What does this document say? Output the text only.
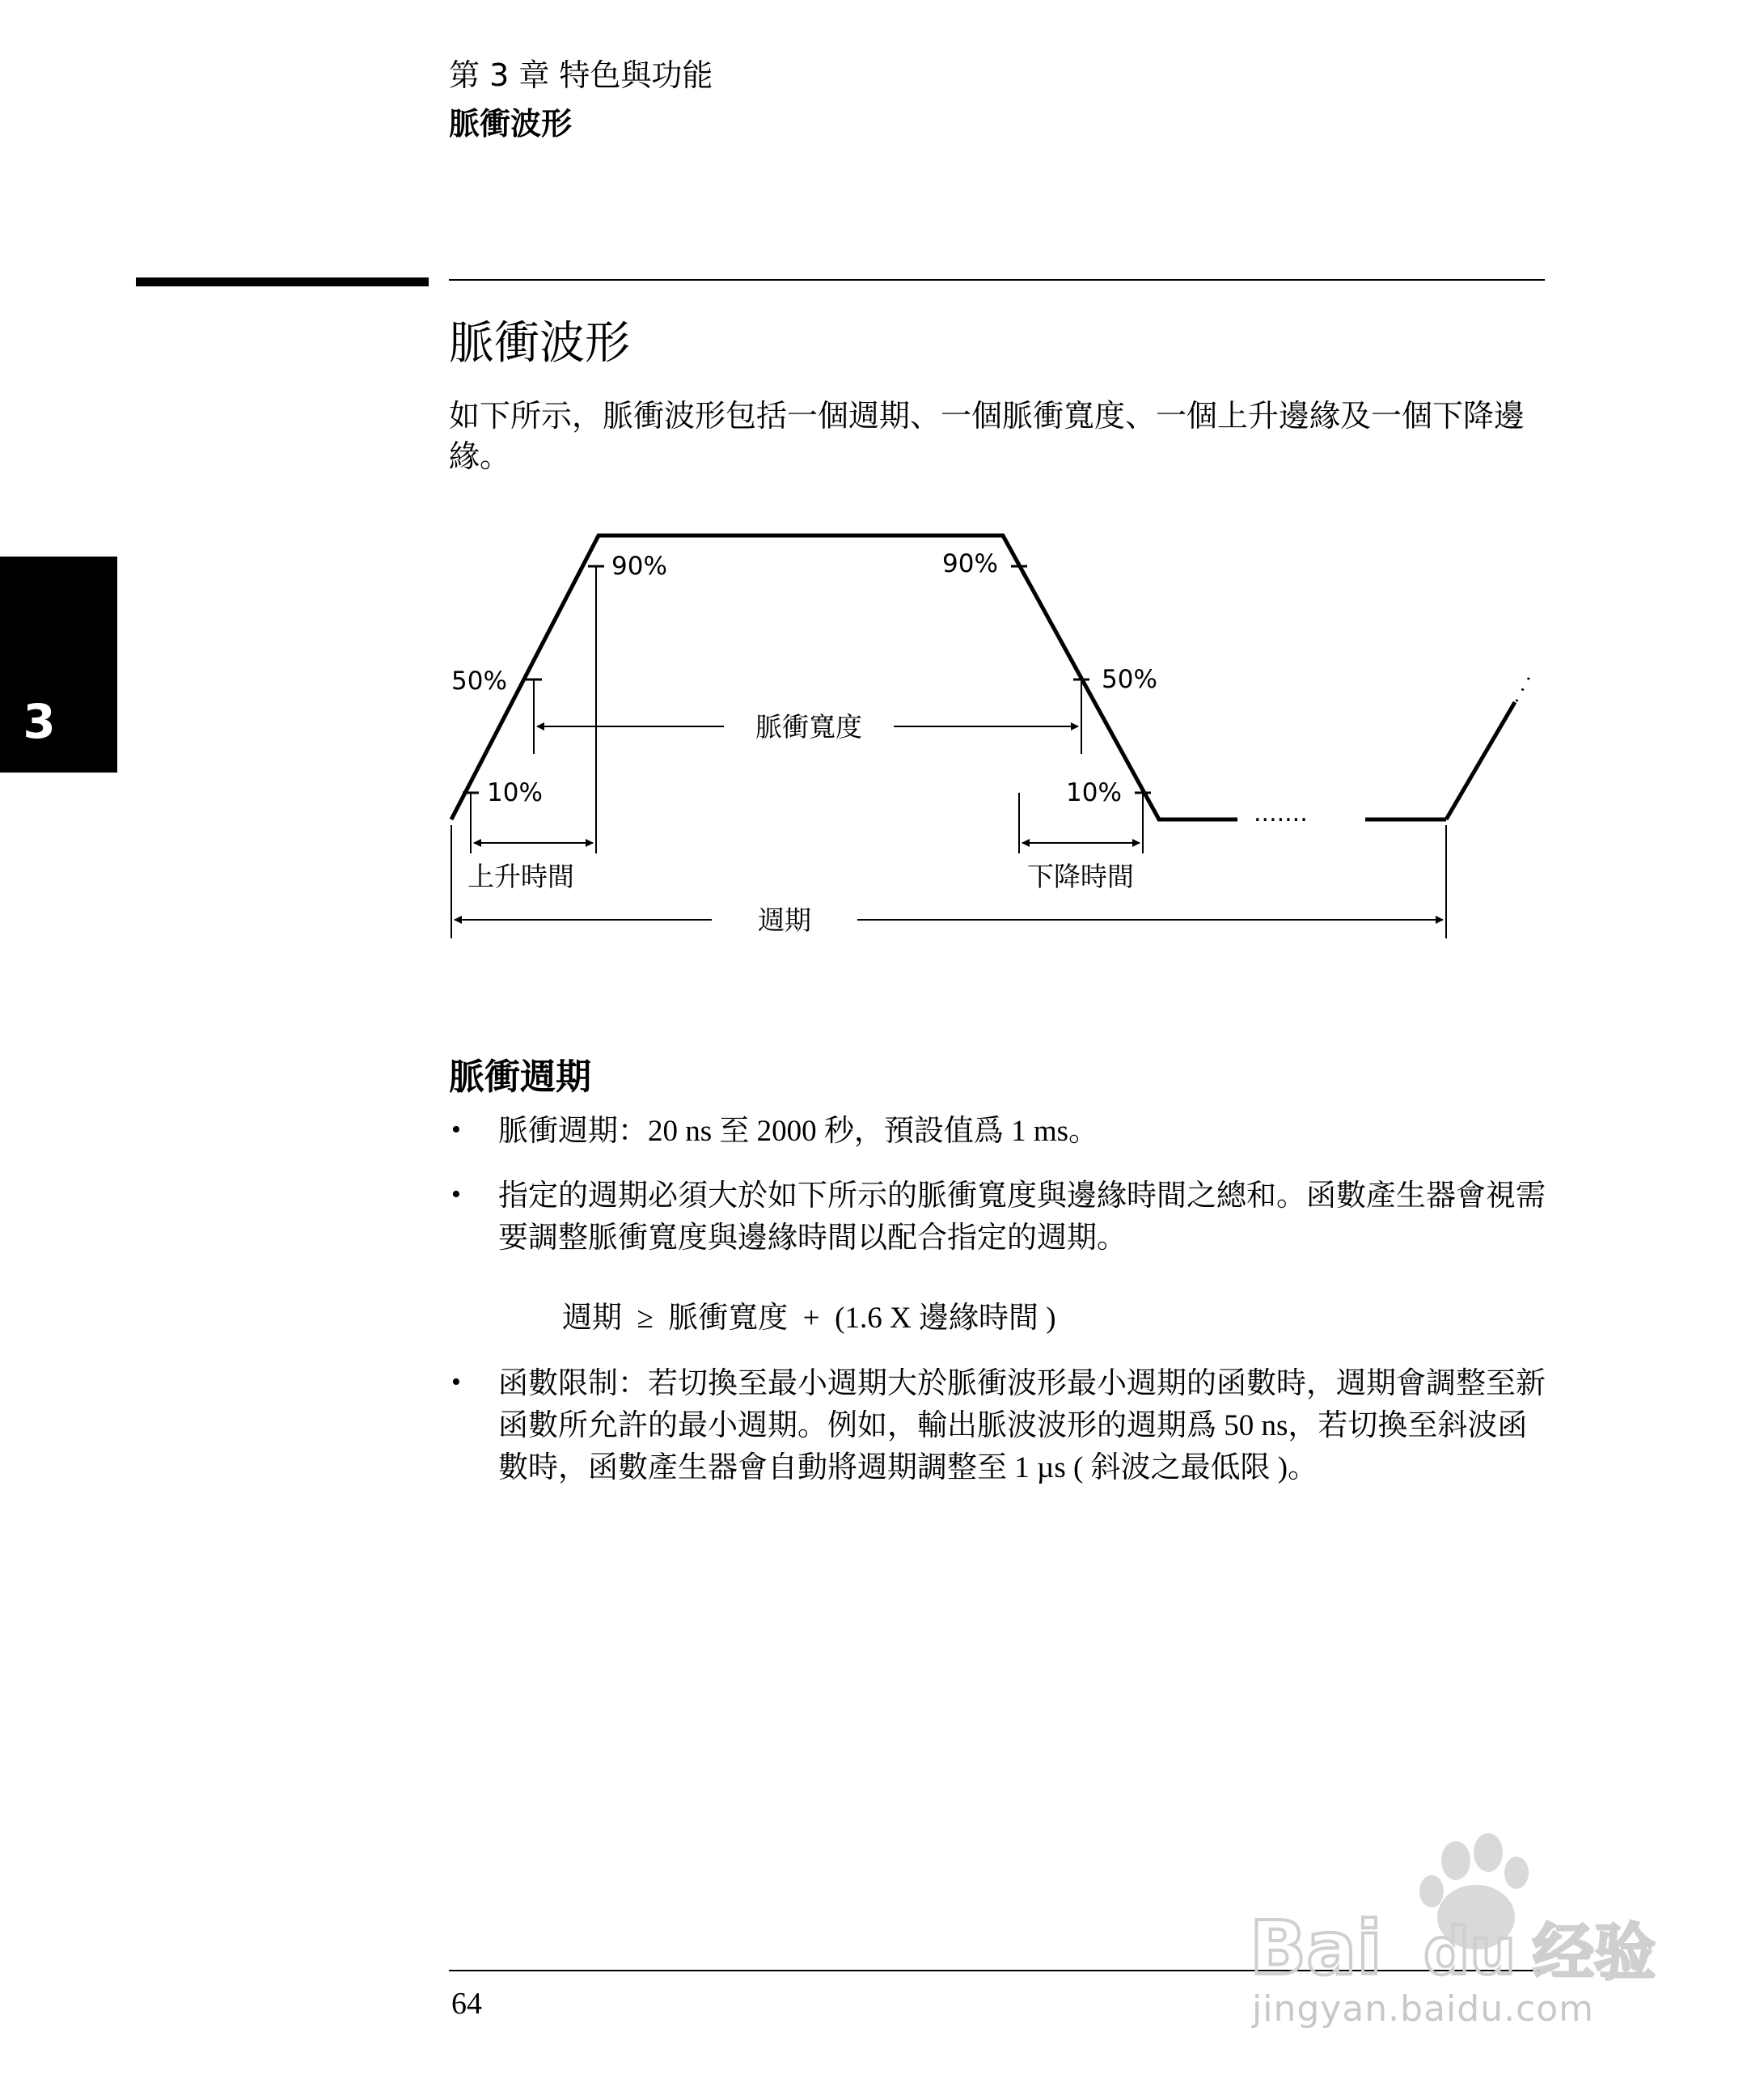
第 3 章 特色與功能
脈衝波形
脈衝波形
如下所示，脈衝波形包括一個週期、一個脈衝寬度、一個上升邊緣及一個下降邊緣。
3
.......
. . .
90%	90%
50%	50%
10%	10%
脈衝寬度
上升時間	下降時間
週期
脈衝週期
• 脈衝週期：20 ns 至 2000 秒，預設值爲 1 ms。
• 指定的週期必須大於如下所示的脈衝寬度與邊緣時間之總和。函數產生器會視需要調整脈衝寬度與邊緣時間以配合指定的週期。
週期  ≥  脈衝寬度  +  (1.6 X 邊緣時間 )
• 函數限制：若切換至最小週期大於脈衝波形最小週期的函數時，週期會調整至新函數所允許的最小週期。例如，輸出脈波波形的週期爲 50 ns，若切換至斜波函數時，函數產生器會自動將週期調整至 1 µs ( 斜波之最低限 )。
64
Bai du 经验
jingyan.baidu.com
